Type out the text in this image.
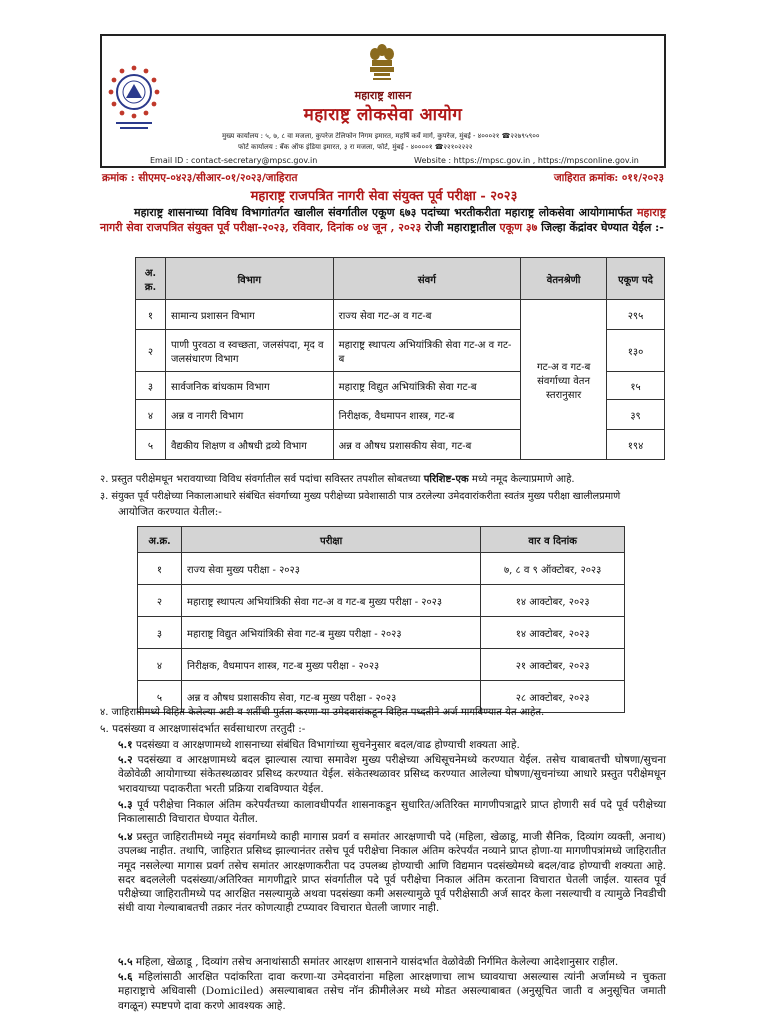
महाराष्ट्र शासन
महाराष्ट्र लोकसेवा आयोग
मुख्य कार्यालय : ५, ७, ८ वा मजला, कुपरेज टेलिफोन निगम इमारत, महर्षि कर्वे मार्ग, कुपरेज, मुंबई - ४०००२१ ☎२२७९५९००
फोर्ट कार्यालय : बँक ऑफ इंडिया इमारत, ३ रा मजला, फोर्ट, मुंबई - ४००००१ ☎२२१०२२२२
Email ID : contact-secretary@mpsc.gov.in	Website : https://mpsc.gov.in , https://mpsconline.gov.in
क्रमांक : सीएमए-०४२३/सीआर-०१/२०२३/जाहिरात	जाहिरात क्रमांक: ०११/२०२३
महाराष्ट्र राजपत्रित नागरी सेवा संयुक्त पूर्व परीक्षा - २०२३
महाराष्ट्र शासनाच्या विविध विभागांतर्गत खालील संवर्गातील एकूण ६७३ पदांच्या भरतीकरीता महाराष्ट्र लोकसेवा आयोगामार्फत महाराष्ट्र नागरी सेवा राजपत्रित संयुक्त पूर्व परीक्षा-२०२३, रविवार, दिनांक ०४ जून , २०२३ रोजी महाराष्ट्रातील एकूण ३७ जिल्हा केंद्रांवर घेण्यात येईल :-
अ. क्र.	विभाग	संवर्ग	वेतनश्रेणी	एकूण पदे
१	सामान्य प्रशासन विभाग	राज्य सेवा गट-अ व गट-ब	गट-अ व गट-ब संवर्गाच्या वेतन स्तरानुसार	२९५
२	पाणी पुरवठा व स्वच्छता, जलसंपदा, मृद व जलसंधारण विभाग	महाराष्ट्र स्थापत्य अभियांत्रिकी सेवा गट-अ व गट-ब		१३०
३	सार्वजनिक बांधकाम विभाग	महाराष्ट्र विद्युत अभियांत्रिकी सेवा गट-ब		१५
४	अन्न व नागरी विभाग	निरीक्षक, वैधमापन शास्त्र, गट-ब		३९
५	वैद्यकीय शिक्षण व औषधी द्रव्ये विभाग	अन्न व औषध प्रशासकीय सेवा, गट-ब		१९४
२. प्रस्तुत परीक्षेमधून भरावयाच्या विविध संवर्गातील सर्व पदांचा सविस्तर तपशील सोबतच्या परिशिष्ट-एक मध्ये नमूद केल्याप्रमाणे आहे.
३. संयुक्त पूर्व परीक्षेच्या निकालाआधारे संबंधित संवर्गाच्या मुख्य परीक्षेच्या प्रवेशासाठी पात्र ठरलेल्या उमेदवारांकरीता स्वतंत्र मुख्य परीक्षा खालीलप्रमाणे
आयोजित करण्यात येतील:-
अ.क्र.	परीक्षा	वार व दिनांक
१	राज्य सेवा मुख्य परीक्षा - २०२३	७, ८ व ९ ऑक्टोबर, २०२३
२	महाराष्ट्र स्थापत्य अभियांत्रिकी सेवा गट-अ व गट-ब मुख्य परीक्षा - २०२३	१४ आक्टोबर, २०२३
३	महाराष्ट्र विद्युत अभियांत्रिकी सेवा गट-ब मुख्य परीक्षा - २०२३	१४ आक्टोबर, २०२३
४	निरीक्षक, वैधमापन शास्त्र, गट-ब मुख्य परीक्षा - २०२३	२१ आक्टोबर, २०२३
५	अन्न व औषध प्रशासकीय सेवा, गट-ब मुख्य परीक्षा - २०२३	२८ आक्टोबर, २०२३
४. जाहिरातीमध्ये विहित केलेल्या अटी व शर्तीची पुर्तता करणा-या उमेदवारांकडून विहित पध्दतीने अर्ज मागविण्यात येत आहेत.
५. पदसंख्या व आरक्षणासंदर्भात सर्वसाधारण तरतुदी :-
५.१ पदसंख्या व आरक्षणामध्ये शासनाच्या संबंधित विभागांच्या सुचनेनुसार बदल/वाढ होण्याची शक्यता आहे.
५.२ पदसंख्या व आरक्षणामध्ये बदल झाल्यास त्याचा समावेश मुख्य परीक्षेच्या अधिसूचनेमध्ये करण्यात येईल. तसेच याबाबतची घोषणा/सुचना वेळोवेळी आयोगाच्या संकेतस्थळावर प्रसिध्द करण्यात येईल. संकेतस्थळावर प्रसिध्द करण्यात आलेल्या घोषणा/सुचनांच्या आधारे प्रस्तुत परीक्षेमधून भरावयाच्या पदाकरीता भरती प्रक्रिया राबविण्यात येईल.
५.३ पूर्व परीक्षेचा निकाल अंतिम करेपर्यंतच्या कालावधीपर्यंत शासनाकडून सुधारित/अतिरिक्त मागणीपत्राद्वारे प्राप्त होणारी सर्व पदे पूर्व परीक्षेच्या निकालासाठी विचारात घेण्यात येतील.
५.४ प्रस्तुत जाहिरातीमध्ये नमूद संवर्गामध्ये काही मागास प्रवर्ग व समांतर आरक्षणाची पदे (महिला, खेळाडू, माजी सैनिक, दिव्यांग व्यक्ती, अनाथ) उपलब्ध नाहीत. तथापि, जाहिरात प्रसिध्द झाल्यानंतर तसेच पूर्व परीक्षेचा निकाल अंतिम करेपर्यंत नव्याने प्राप्त होणा-या मागणीपत्रांमध्ये जाहिरातीत नमूद नसलेल्या मागास प्रवर्ग तसेच समांतर आरक्षणाकरीता पद उपलब्ध होण्याची आणि विद्यमान पदसंख्येमध्ये बदल/वाढ होण्याची शक्यता आहे. सदर बदललेली पदसंख्या/अतिरिक्त मागणीद्वारे प्राप्त संवर्गातील पदे पूर्व परीक्षेचा निकाल अंतिम करताना विचारात घेतली जाईल. यास्तव पूर्व परीक्षेच्या जाहिरातीमध्ये पद आरक्षित नसल्यामुळे अथवा पदसंख्या कमी असल्यामुळे पूर्व परीक्षेसाठी अर्ज सादर केला नसल्याची व त्यामुळे निवडीची संधी वाया गेल्याबाबतची तक्रार नंतर कोणत्याही टप्प्यावर विचारात घेतली जाणार नाही.
५.५ महिला, खेळाडू , दिव्यांग तसेच अनाथांसाठी समांतर आरक्षण शासनाने यासंदर्भात वेळोवेळी निर्गमित केलेल्या आदेशानुसार राहील.
५.६ महिलांसाठी आरक्षित पदांकरिता दावा करणा-या उमेदवारांना महिला आरक्षणाचा लाभ घ्यावयाचा असल्यास त्यांनी अर्जामध्ये न चुकता महाराष्ट्राचे अधिवासी (Domiciled) असल्याबाबत तसेच नॉन क्रीमीलेअर मध्ये मोडत असल्याबाबत (अनुसूचित जाती व अनुसूचित जमाती वगळून) स्पष्टपणे दावा करणे आवश्यक आहे.
